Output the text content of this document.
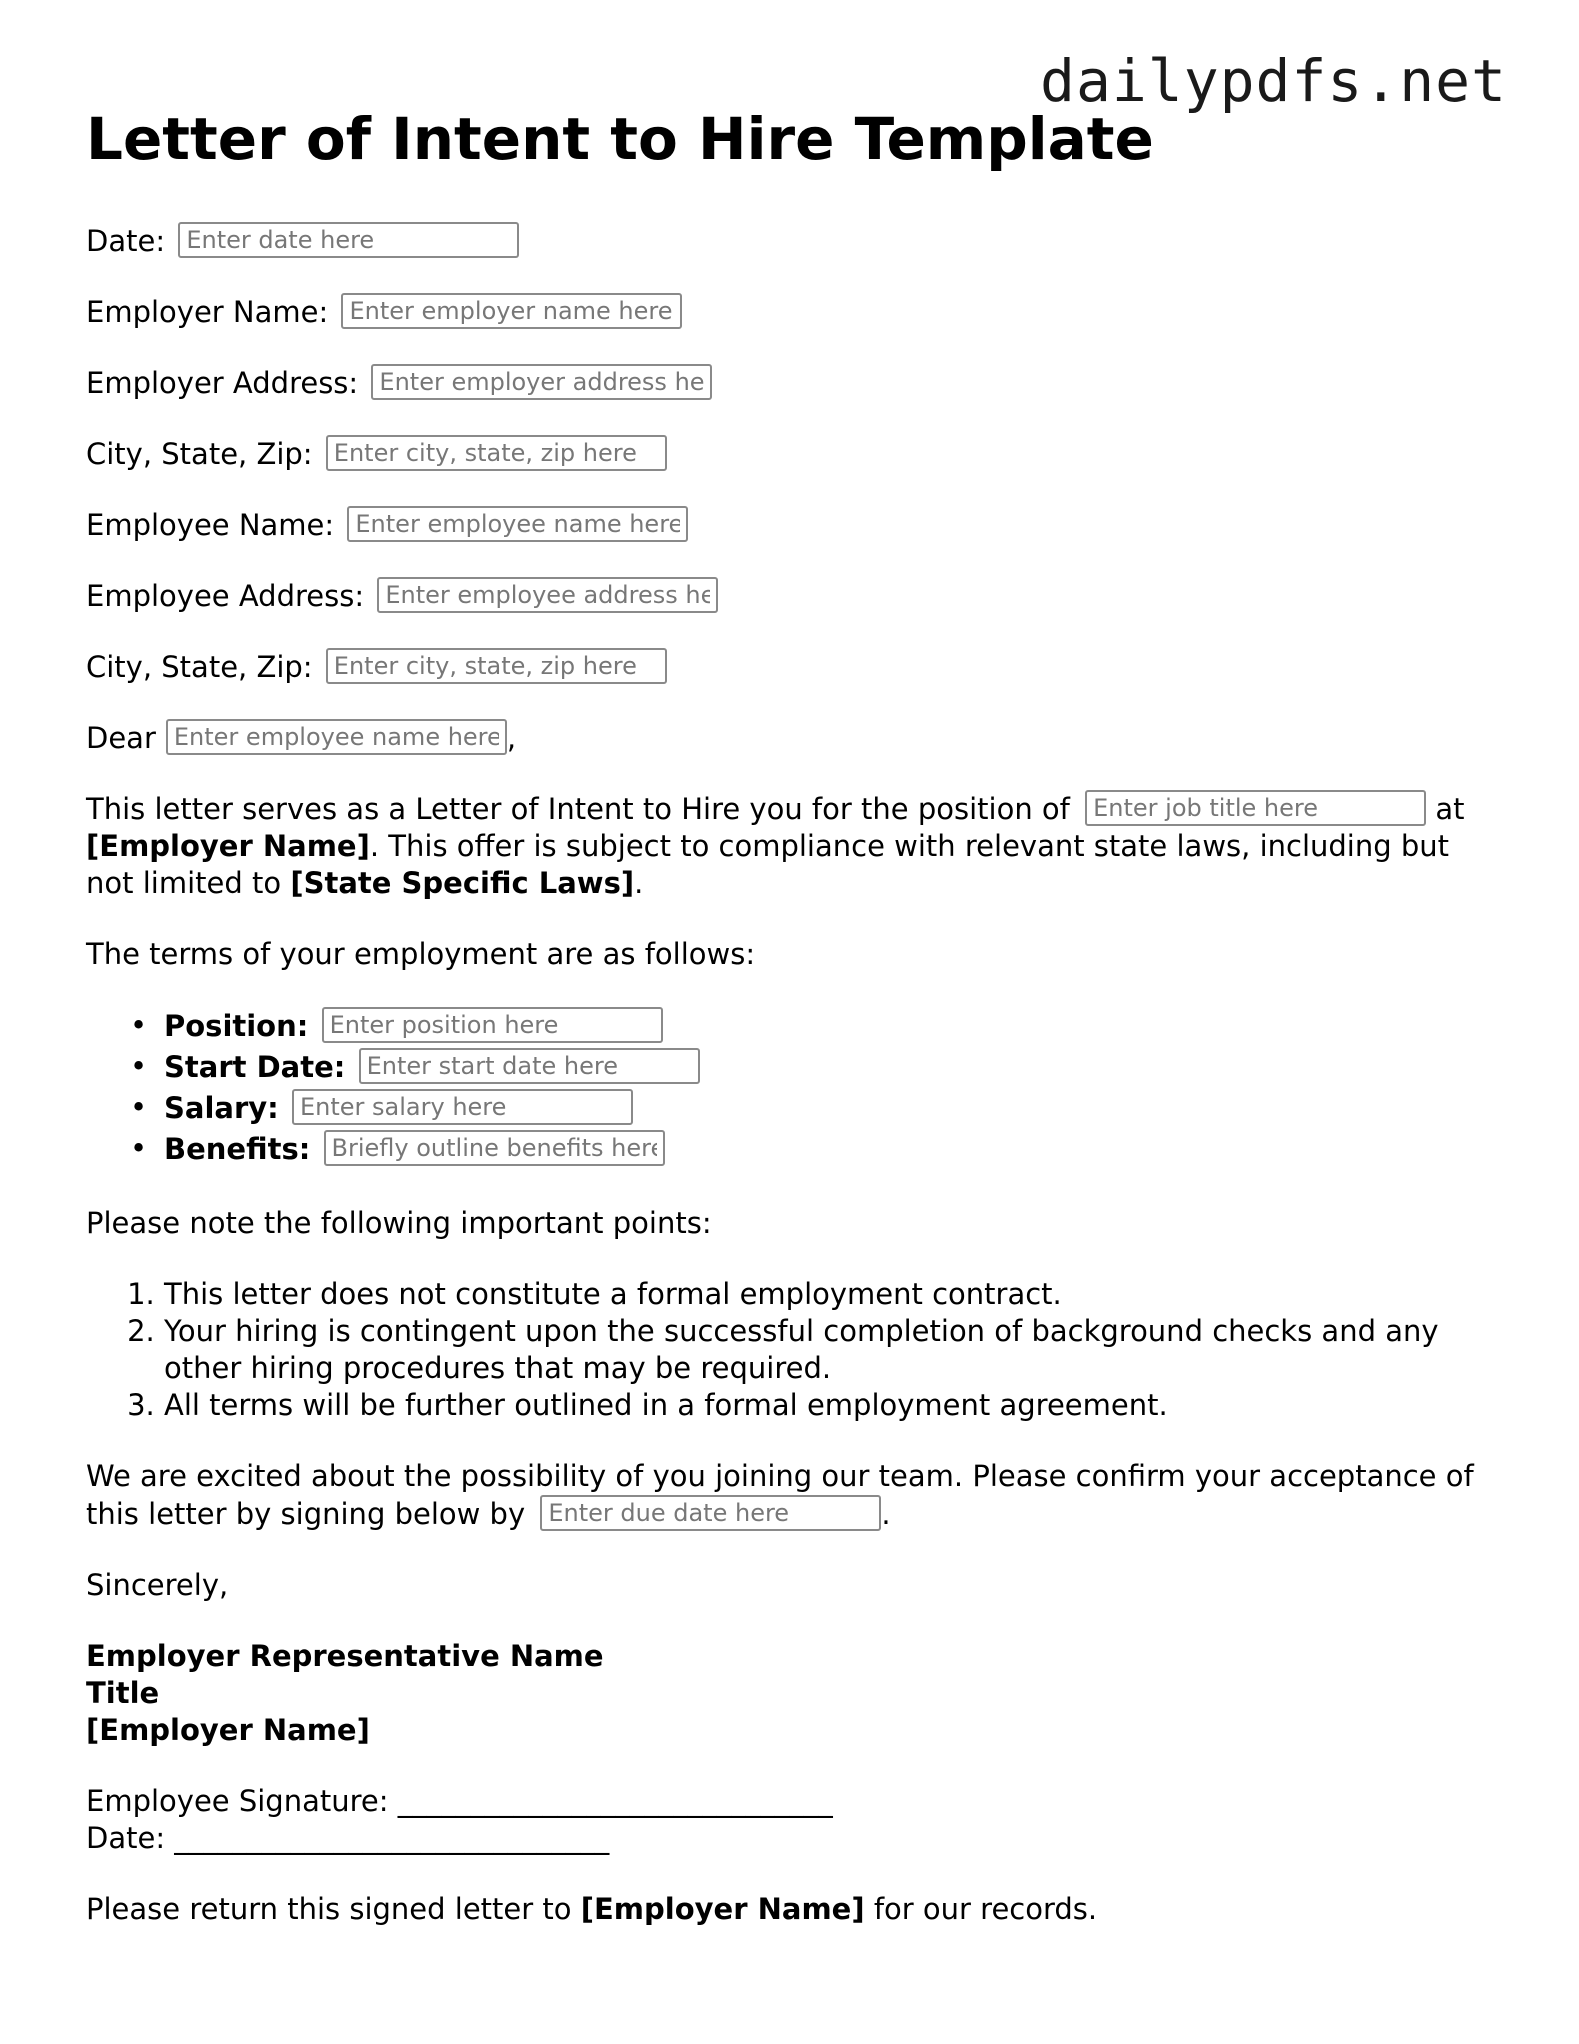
dailypdfs.net
Letter of Intent to Hire Template
Date: Enter date here
Employer Name: Enter employer name here
Employer Address: Enter employer address here
City, State, Zip: Enter city, state, zip here
Employee Name: Enter employee name here
Employee Address: Enter employee address here
City, State, Zip: Enter city, state, zip here
DearEnter employee name here	,

This letter serves as a Letter of Intent to Hire you for the position of Enter job title here	at [Employer Name]. This offer is subject to compliance with relevant state laws, including but not limited to [State Specific Laws].

The terms of your employment are as follows:

• Position: Enter position here
• Start Date: Enter start date here
• Salary: Enter salary here
• Benefits: Briefly outline benefits here

Please note the following important points:

1. This letter does not constitute a formal employment contract.
2. Your hiring is contingent upon the successful completion of background checks and any other hiring procedures that may be required.
3. All terms will be further outlined in a formal employment agreement.

We are excited about the possibility of you joining our team. Please confirm your acceptance of this letter by signing below by Enter due date here	.

Sincerely,

Employer Representative Name
Title
[Employer Name]
Employee Signature: ______________________________
Date: ______________________________

Please return this signed letter to [Employer Name] for our records.
